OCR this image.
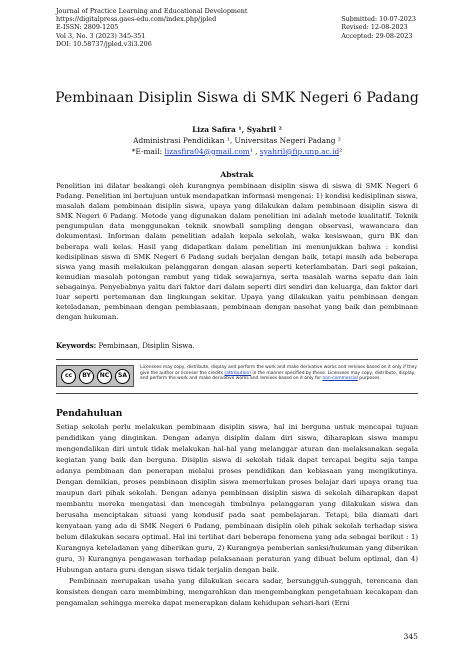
Journal of Practice Learning and Educational Development
https://digitalpress.gaes-edu.com/index.php/jpled
E-ISSN: 2809-1205
Vol 3, No. 3 (2023) 345-351
DOI: 10.58737/jpled.v3i3.206
Submitted: 10-07-2023
Revised: 12-08-2023
Accepted: 29-08-2023
Pembinaan Disiplin Siswa di SMK Negeri 6 Padang
Liza Safira ¹, Syahril ²
Administrasi Pendidikan ¹, Universitas Negeri Padang ²
*E-mail: lizasfira04@gmail.com¹ , syahril@fip.unp.ac.id²
Abstrak

Penelitian ini dilatar beakangi oleh kurangnya pembinaan disiplin siswa di siswa di SMK Negeri 6 Padang. Penelitian ini bertujuan untuk mendapatkan informasi mengenai: 1) kondisi kedisiplinan siswa, masalah dalam pembinaan disiplin siswa, upaya yang dilakukan dalam pembinaan disiplin siswa di SMK Negeri 6 Padang. Metode yang digunakan dalam penelitian ini adalah metode kualitatif. Teknik pengumpulan data menggunakan teknik snowball sampling dengan observasi, wawancara dan dokumentasi. Informan dalam penelitian adalah kepala sekolah, waka kesiswaan, guru BK dan beberapa wali kelas. Hasil yang didapatkan dalam penelitian ini menunjukkan bahwa : kondisi kedisiplinan siswa di SMK Negeri 6 Padang sudah berjalan dengan baik, tetapi masih ada beberapa siswa yang masih melakukan pelanggaran dengan alasan seperti keterlambatan. Dari segi pakaian, kemudian masalah potongan rambut yang tidak sewajarnya, serta masalah warna sepatu dan lain sebagainya. Penyebabnya yaitu dari faktor dari dalam seperti diri sendiri dan keluarga, dan faktor dari luar seperti pertemanan dan lingkungan sekitar. Upaya yang dilakukan yaitu pembinaan dengan keteladanan, pembinaan dengan pembiasaan, pembinaan dengan nasehat yang baik dan pembinaan dengan hukuman.

Keywords: Pembinaan, Disiplin Siswa.
cc	BY	NC	SA
Licensees may copy, distribute, display and perform the work and make derivative works and remixes based on it only if they give the author or licensor the credits (attribution) in the manner specified by these. Licensees may copy, distribute, display, and perform the work and make derivative works and remixes based on it only for non-commercial purposes.
Pendahuluan

Setiap sekolah perlu melakukan pembinaan disiplin siswa, hal ini berguna untuk mencapai tujuan pendidikan yang dinginkan. Dengan adanya disiplin dalam diri siswa, diharapkan siswa mampu mengendalikan diri untuk tidak melakukan hal-hal yang melanggar aturan dan melaksanakan segala kegiatan yang baik dan berguna. Disiplin siswa di sekolah tidak dapat tercapai begitu saja tanpa adanya pembinaan dan penerapan melalui proses pendidikan dan kebiasaan yang mengikutinya. Dengan demikian, proses pembinaan disiplin siswa memerlukan proses belajar dari upaya orang tua maupun dari pihak sekolah. Dengan adanya pembinaan disiplin siswa di sekolah diharapkan dapat membantu mereka mengatasi dan mencegah timbulnya pelanggaran yang dilakukan siswa dan berusaha menciptakan situasi yang kondusif pada saat pembelajaran. Tetapi, bila diamati dari kenyataan yang ada di SMK Negeri 6 Padang, pembinaan disiplin oleh pihak sekolah terhadap siswa belum dilakukan secara optimal. Hal ini terlihat dari beberapa fenomena yang ada sebagai berikut : 1) Kurangnya keteladanan yang diberikan guru, 2) Kurangnya pemberian sanksi/hukuman yang diberikan guru, 3) Kurangnya pengawasan terhadap pelaksanaan peraturan yang dibuat belum optimal, dan 4) Hubungan antara guru dengan siswa tidak terjalin dengan baik.

Pembinaan merupakan usaha yang dilakukan secara sadar, bersungguh-sungguh, terencana dan konsisten dengan cara membimbing, mengarahkan dan mengembangkan pengetahuan kecakapan dan pengamalan sehingga mereka dapat menerapkan dalam kehidupan sehari-hari (Erni

345
